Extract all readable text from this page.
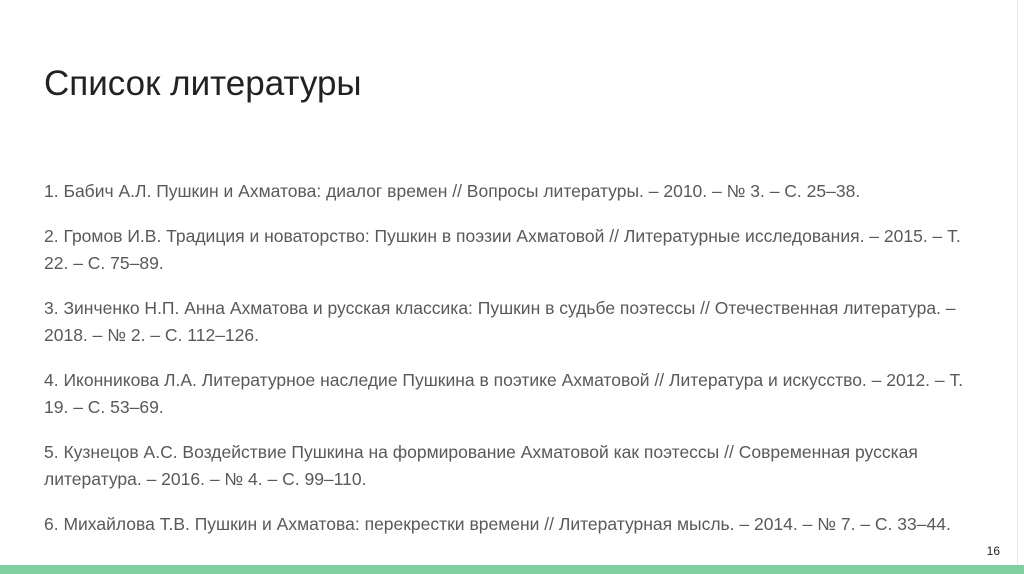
Список литературы
1. Бабич А.Л. Пушкин и Ахматова: диалог времен // Вопросы литературы. – 2010. – № 3. – С. 25–38.
2. Громов И.В. Традиция и новаторство: Пушкин в поэзии Ахматовой // Литературные исследования. – 2015. – Т. 22. – С. 75–89.
3. Зинченко Н.П. Анна Ахматова и русская классика: Пушкин в судьбе поэтессы // Отечественная литература. – 2018. – № 2. – С. 112–126.
4. Иконникова Л.А. Литературное наследие Пушкина в поэтике Ахматовой // Литература и искусство. – 2012. – Т. 19. – С. 53–69.
5. Кузнецов А.С. Воздействие Пушкина на формирование Ахматовой как поэтессы // Современная русская литература. – 2016. – № 4. – С. 99–110.
6. Михайлова Т.В. Пушкин и Ахматова: перекрестки времени // Литературная мысль. – 2014. – № 7. – С. 33–44.
16
